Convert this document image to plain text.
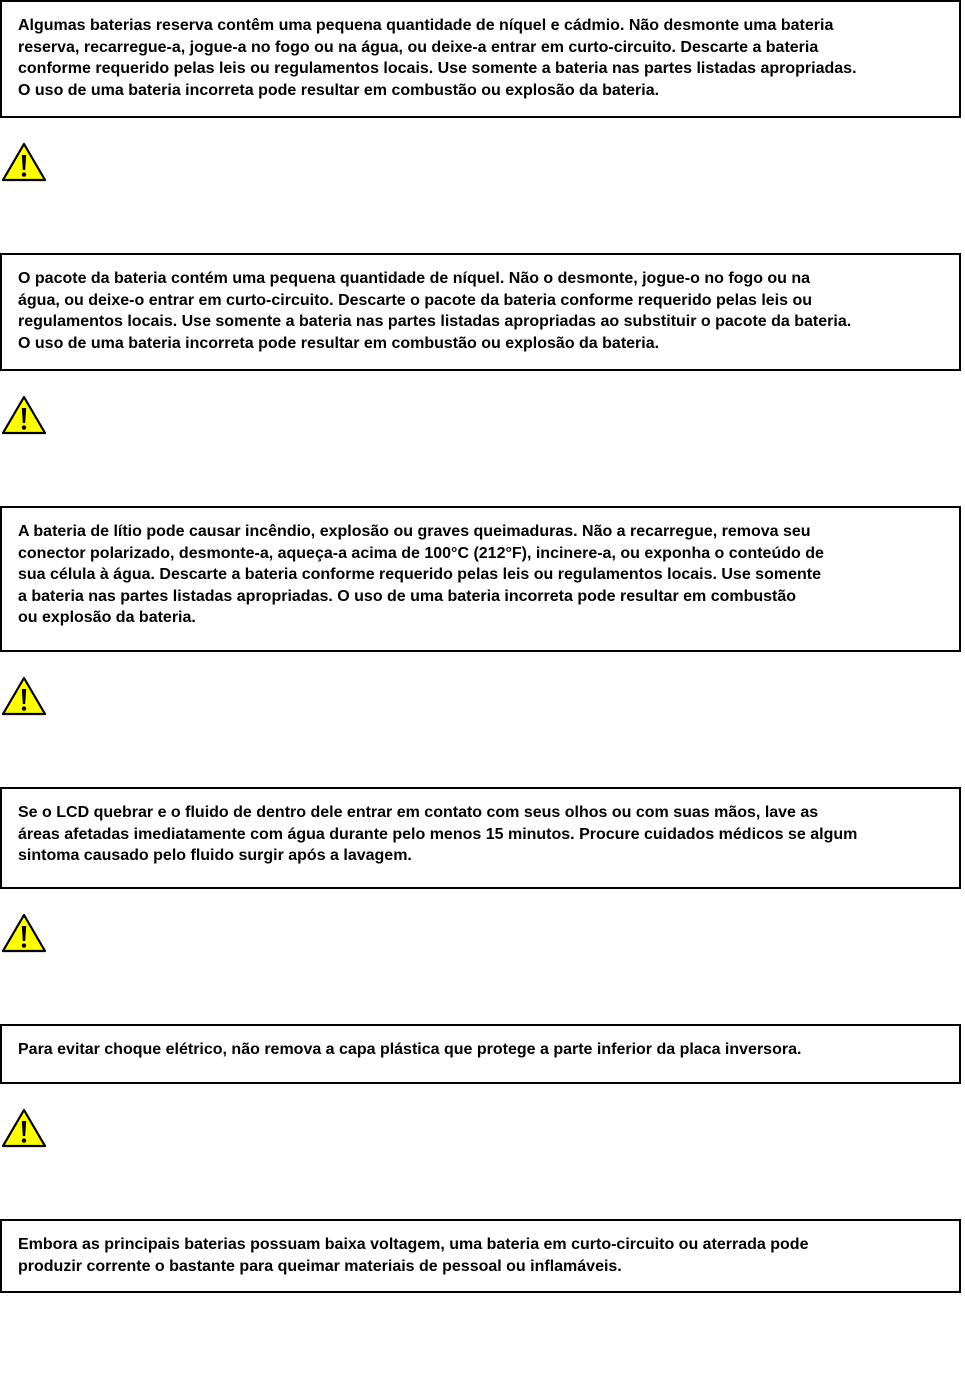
Algumas baterias reserva contêm uma pequena quantidade de níquel e cádmio. Não desmonte uma bateria
reserva, recarregue-a, jogue-a no fogo ou na água, ou deixe-a entrar em curto-circuito. Descarte a bateria
conforme requerido pelas leis ou regulamentos locais. Use somente a bateria nas partes listadas apropriadas.
O uso de uma bateria incorreta pode resultar em combustão ou explosão da bateria.

O pacote da bateria contém uma pequena quantidade de níquel. Não o desmonte, jogue-o no fogo ou na
água, ou deixe-o entrar em curto-circuito. Descarte o pacote da bateria conforme requerido pelas leis ou
regulamentos locais. Use somente a bateria nas partes listadas apropriadas ao substituir o pacote da bateria.
O uso de uma bateria incorreta pode resultar em combustão ou explosão da bateria.

A bateria de lítio pode causar incêndio, explosão ou graves queimaduras. Não a recarregue, remova seu
conector polarizado, desmonte-a, aqueça-a acima de 100°C (212°F), incinere-a, ou exponha o conteúdo de
sua célula à água. Descarte a bateria conforme requerido pelas leis ou regulamentos locais. Use somente
a bateria nas partes listadas apropriadas. O uso de uma bateria incorreta pode resultar em combustão
ou explosão da bateria.

Se o LCD quebrar e o fluido de dentro dele entrar em contato com seus olhos ou com suas mãos, lave as
áreas afetadas imediatamente com água durante pelo menos 15 minutos. Procure cuidados médicos se algum
sintoma causado pelo fluido surgir após a lavagem.

Para evitar choque elétrico, não remova a capa plástica que protege a parte inferior da placa inversora.

Embora as principais baterias possuam baixa voltagem, uma bateria em curto-circuito ou aterrada pode
produzir corrente o bastante para queimar materiais de pessoal ou inflamáveis.
